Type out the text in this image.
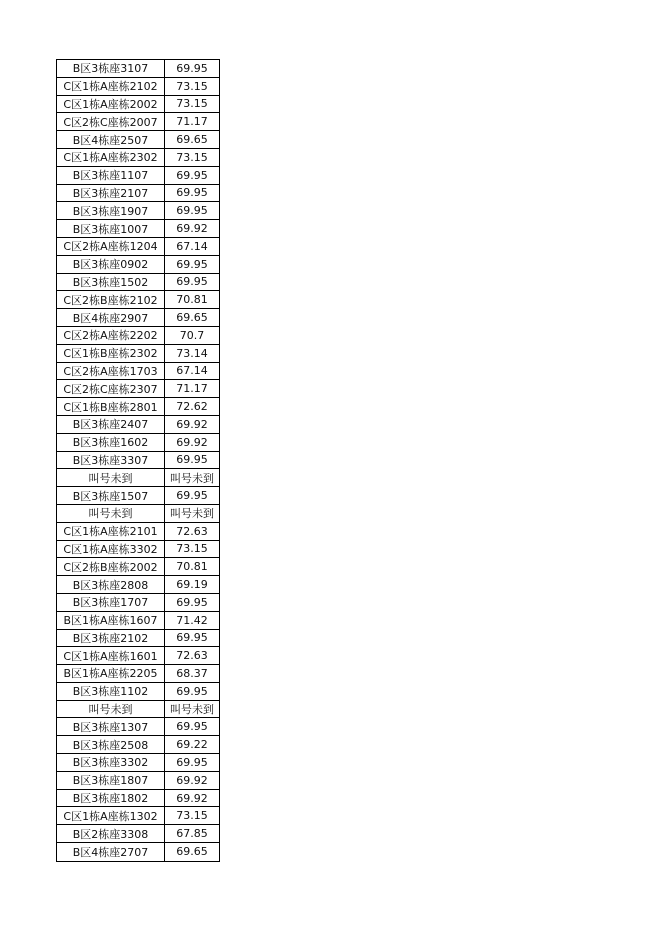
B区3栋座3107	69.95
C区1栋A座栋2102	73.15
C区1栋A座栋2002	73.15
C区2栋C座栋2007	71.17
B区4栋座2507	69.65
C区1栋A座栋2302	73.15
B区3栋座1107	69.95
B区3栋座2107	69.95
B区3栋座1907	69.95
B区3栋座1007	69.92
C区2栋A座栋1204	67.14
B区3栋座0902	69.95
B区3栋座1502	69.95
C区2栋B座栋2102	70.81
B区4栋座2907	69.65
C区2栋A座栋2202	70.7
C区1栋B座栋2302	73.14
C区2栋A座栋1703	67.14
C区2栋C座栋2307	71.17
C区1栋B座栋2801	72.62
B区3栋座2407	69.92
B区3栋座1602	69.92
B区3栋座3307	69.95
叫号未到	叫号未到
B区3栋座1507	69.95
叫号未到	叫号未到
C区1栋A座栋2101	72.63
C区1栋A座栋3302	73.15
C区2栋B座栋2002	70.81
B区3栋座2808	69.19
B区3栋座1707	69.95
B区1栋A座栋1607	71.42
B区3栋座2102	69.95
C区1栋A座栋1601	72.63
B区1栋A座栋2205	68.37
B区3栋座1102	69.95
叫号未到	叫号未到
B区3栋座1307	69.95
B区3栋座2508	69.22
B区3栋座3302	69.95
B区3栋座1807	69.92
B区3栋座1802	69.92
C区1栋A座栋1302	73.15
B区2栋座3308	67.85
B区4栋座2707	69.65
